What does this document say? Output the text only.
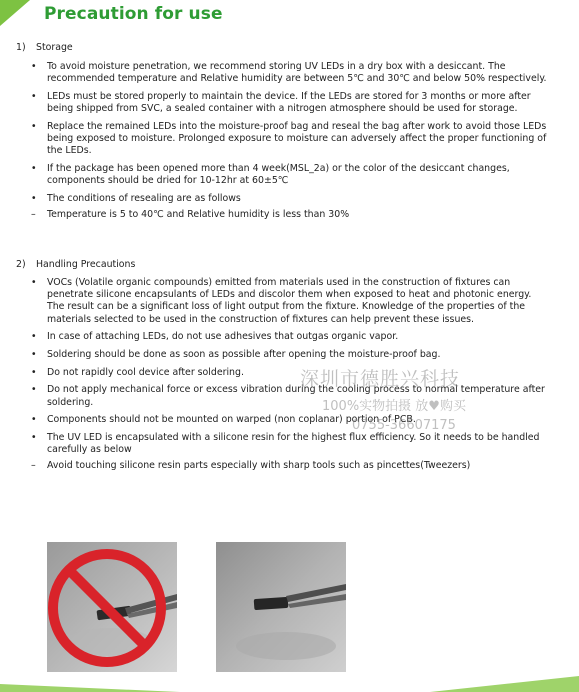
Precaution for use
1) Storage
• To avoid moisture penetration, we recommend storing UV LEDs in a dry box with a desiccant. The recommended temperature and Relative humidity are between 5℃ and 30℃ and below 50% respectively.
• LEDs must be stored properly to maintain the device. If the LEDs are stored for 3 months or more after being shipped from SVC, a sealed container with a nitrogen atmosphere should be used for storage.
• Replace the remained LEDs into the moisture-proof bag and reseal the bag after work to avoid those LEDs being exposed to moisture. Prolonged exposure to moisture can adversely affect the proper functioning of the LEDs.
• If the package has been opened more than 4 week(MSL_2a) or the color of the desiccant changes, components should be dried for 10-12hr at 60±5℃
• The conditions of resealing are as follows
– Temperature is 5 to 40℃ and Relative humidity is less than 30%
2) Handling Precautions
• VOCs (Volatile organic compounds) emitted from materials used in the construction of fixtures can penetrate silicone encapsulants of LEDs and discolor them when exposed to heat and photonic energy. The result can be a significant loss of light output from the fixture. Knowledge of the properties of the materials selected to be used in the construction of fixtures can help prevent these issues.
• In case of attaching LEDs, do not use adhesives that outgas organic vapor.
• Soldering should be done as soon as possible after opening the moisture-proof bag.
• Do not rapidly cool device after soldering.
• Do not apply mechanical force or excess vibration during the cooling process to normal temperature after soldering.
• Components should not be mounted on warped (non coplanar) portion of PCB.
• The UV LED is encapsulated with a silicone resin for the highest flux efficiency. So it needs to be handled carefully as below
– Avoid touching silicone resin parts especially with sharp tools such as pincettes(Tweezers)
深圳市德胜兴科技
100%实物拍摄 放♥购买
0755-36607175
